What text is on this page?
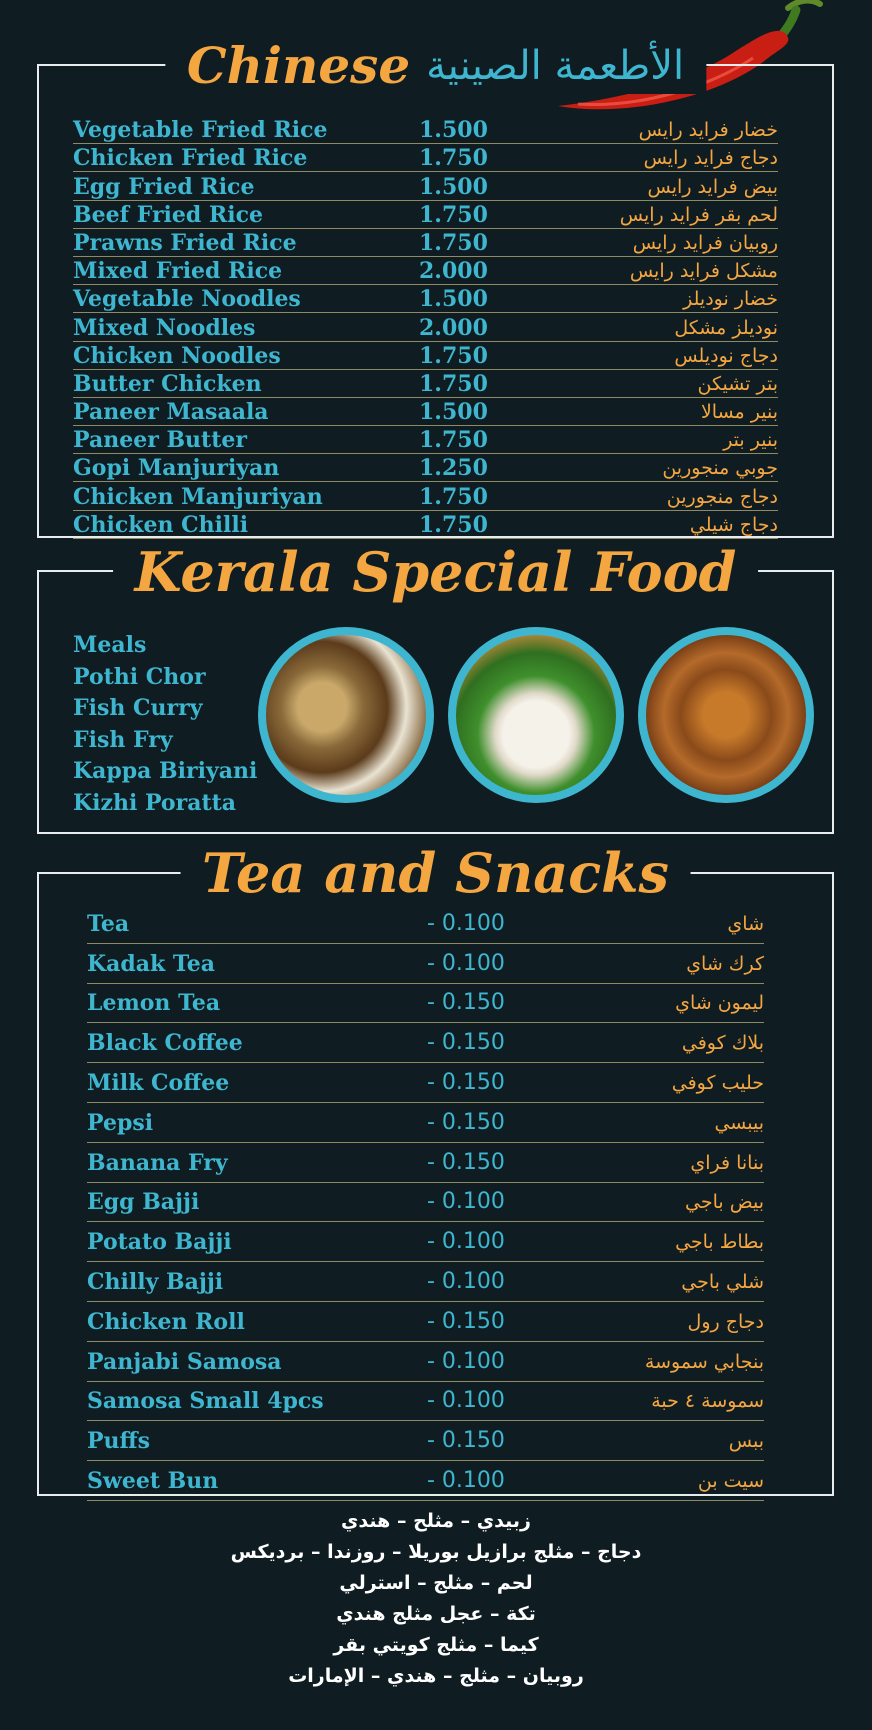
Chinese الأطعمة الصينية
Vegetable Fried Rice	1.500	خضار فرايد رايس
Chicken Fried Rice	1.750	دجاج فرايد رايس
Egg Fried Rice	1.500	بيض فرايد رايس
Beef Fried Rice	1.750	لحم بقر فرايد رايس
Prawns Fried Rice	1.750	روبيان فرايد رايس
Mixed Fried Rice	2.000	مشكل فرايد رايس
Vegetable Noodles	1.500	خضار نوديلز
Mixed Noodles	2.000	نوديلز مشكل
Chicken Noodles	1.750	دجاج نوديلس
Butter Chicken	1.750	بتر تشيكن
Paneer Masaala	1.500	بنير مسالا
Paneer Butter	1.750	بنير بتر
Gopi Manjuriyan	1.250	جوبي منجورين
Chicken Manjuriyan	1.750	دجاج منجورين
Chicken Chilli	1.750	دجاج شيلي
Kerala Special Food
Meals
Pothi Chor
Fish Curry
Fish Fry
Kappa Biriyani
Kizhi Poratta
Tea and Snacks
Tea	- 0.100	شاي
Kadak Tea	- 0.100	كرك شاي
Lemon Tea	- 0.150	ليمون شاي
Black Coffee	- 0.150	بلاك كوفي
Milk Coffee	- 0.150	حليب كوفي
Pepsi	- 0.150	بيبسي
Banana Fry	- 0.150	بنانا فراي
Egg Bajji	- 0.100	بيض باجي
Potato Bajji	- 0.100	بطاط باجي
Chilly Bajji	- 0.100	شلي باجي
Chicken Roll	- 0.150	دجاج رول
Panjabi Samosa	- 0.100	بنجابي سموسة
Samosa Small 4pcs	- 0.100	سموسة ٤ حبة
Puffs	- 0.150	ببس
Sweet Bun	- 0.100	سيت بن
زبيدي – مثلح – هندي
دجاج – مثلج برازيل بوريلا – روزندا – برديكس
لحم – مثلج – استرلي
تكة – عجل مثلج هندي
كيما – مثلج كويتي بقر
روبيان – مثلج – هندي – الإمارات
